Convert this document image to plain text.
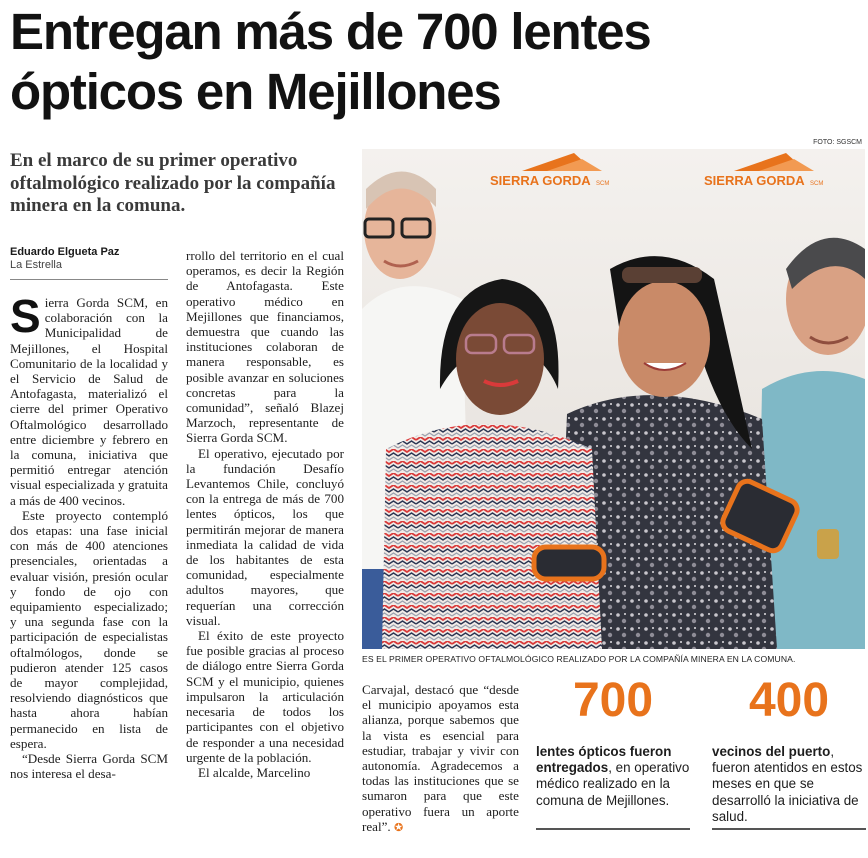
Entregan más de 700 lentes
ópticos en Mejillones
FOTO: SGSCM
En el marco de su primer operativo oftalmológico realizado por la compañía minera en la comuna.
Eduardo Elgueta Paz
La Estrella

Sierra Gorda SCM, en colaboración con la Municipalidad de Mejillones, el Hospital Comunitario de la localidad y el Servicio de Salud de Antofagasta, materializó el cierre del primer Operativo Oftalmológico desarrollado entre diciembre y febrero en la comuna, iniciativa que permitió entregar atención visual especializada y gratuita a más de 400 vecinos.

Este proyecto contempló dos etapas: una fase inicial con más de 400 atenciones presenciales, orientadas a evaluar visión, presión ocular y fondo de ojo con equipamiento especializado; y una segunda fase con la participación de especialistas oftalmólogos, donde se pudieron atender 125 casos de mayor complejidad, resolviendo diagnósticos que hasta ahora habían permanecido en lista de espera.

“Desde Sierra Gorda SCM nos interesa el desa-

rrollo del territorio en el cual operamos, es decir la Región de Antofagasta. Este operativo médico en Mejillones que financiamos, demuestra que cuando las instituciones colaboran de manera responsable, es posible avanzar en soluciones concretas para la comunidad”, señaló Blazej Marzoch, representante de Sierra Gorda SCM.

El operativo, ejecutado por la fundación Desafío Levantemos Chile, concluyó con la entrega de más de 700 lentes ópticos, los que permitirán mejorar de manera inmediata la calidad de vida de los habitantes de esta comunidad, especialmente adultos mayores, que requerían una corrección visual.

El éxito de este proyecto fue posible gracias al proceso de diálogo entre Sierra Gorda SCM y el municipio, quienes impulsaron la articulación necesaria de todos los participantes con el objetivo de responder a una necesidad urgente de la población.

El alcalde, Marcelino

Carvajal, destacó que “desde el municipio apoyamos esta alianza, porque sabemos que la vista es esencial para estudiar, trabajar y vivir con autonomía. Agradecemos a todas las instituciones que se sumaron para que este operativo fuera un aporte real”. ✪

SIERRA GORDA SCM	SIERRA GORDA SCM
ES EL PRIMER OPERATIVO OFTALMOLÓGICO REALIZADO POR LA COMPAÑÍA MINERA EN LA COMUNA.
700
lentes ópticos fueron entregados, en operativo médico realizado en la comuna de Mejillones.
400
vecinos del puerto, fueron atentidos en estos meses en que se desarrolló la iniciativa de salud.
